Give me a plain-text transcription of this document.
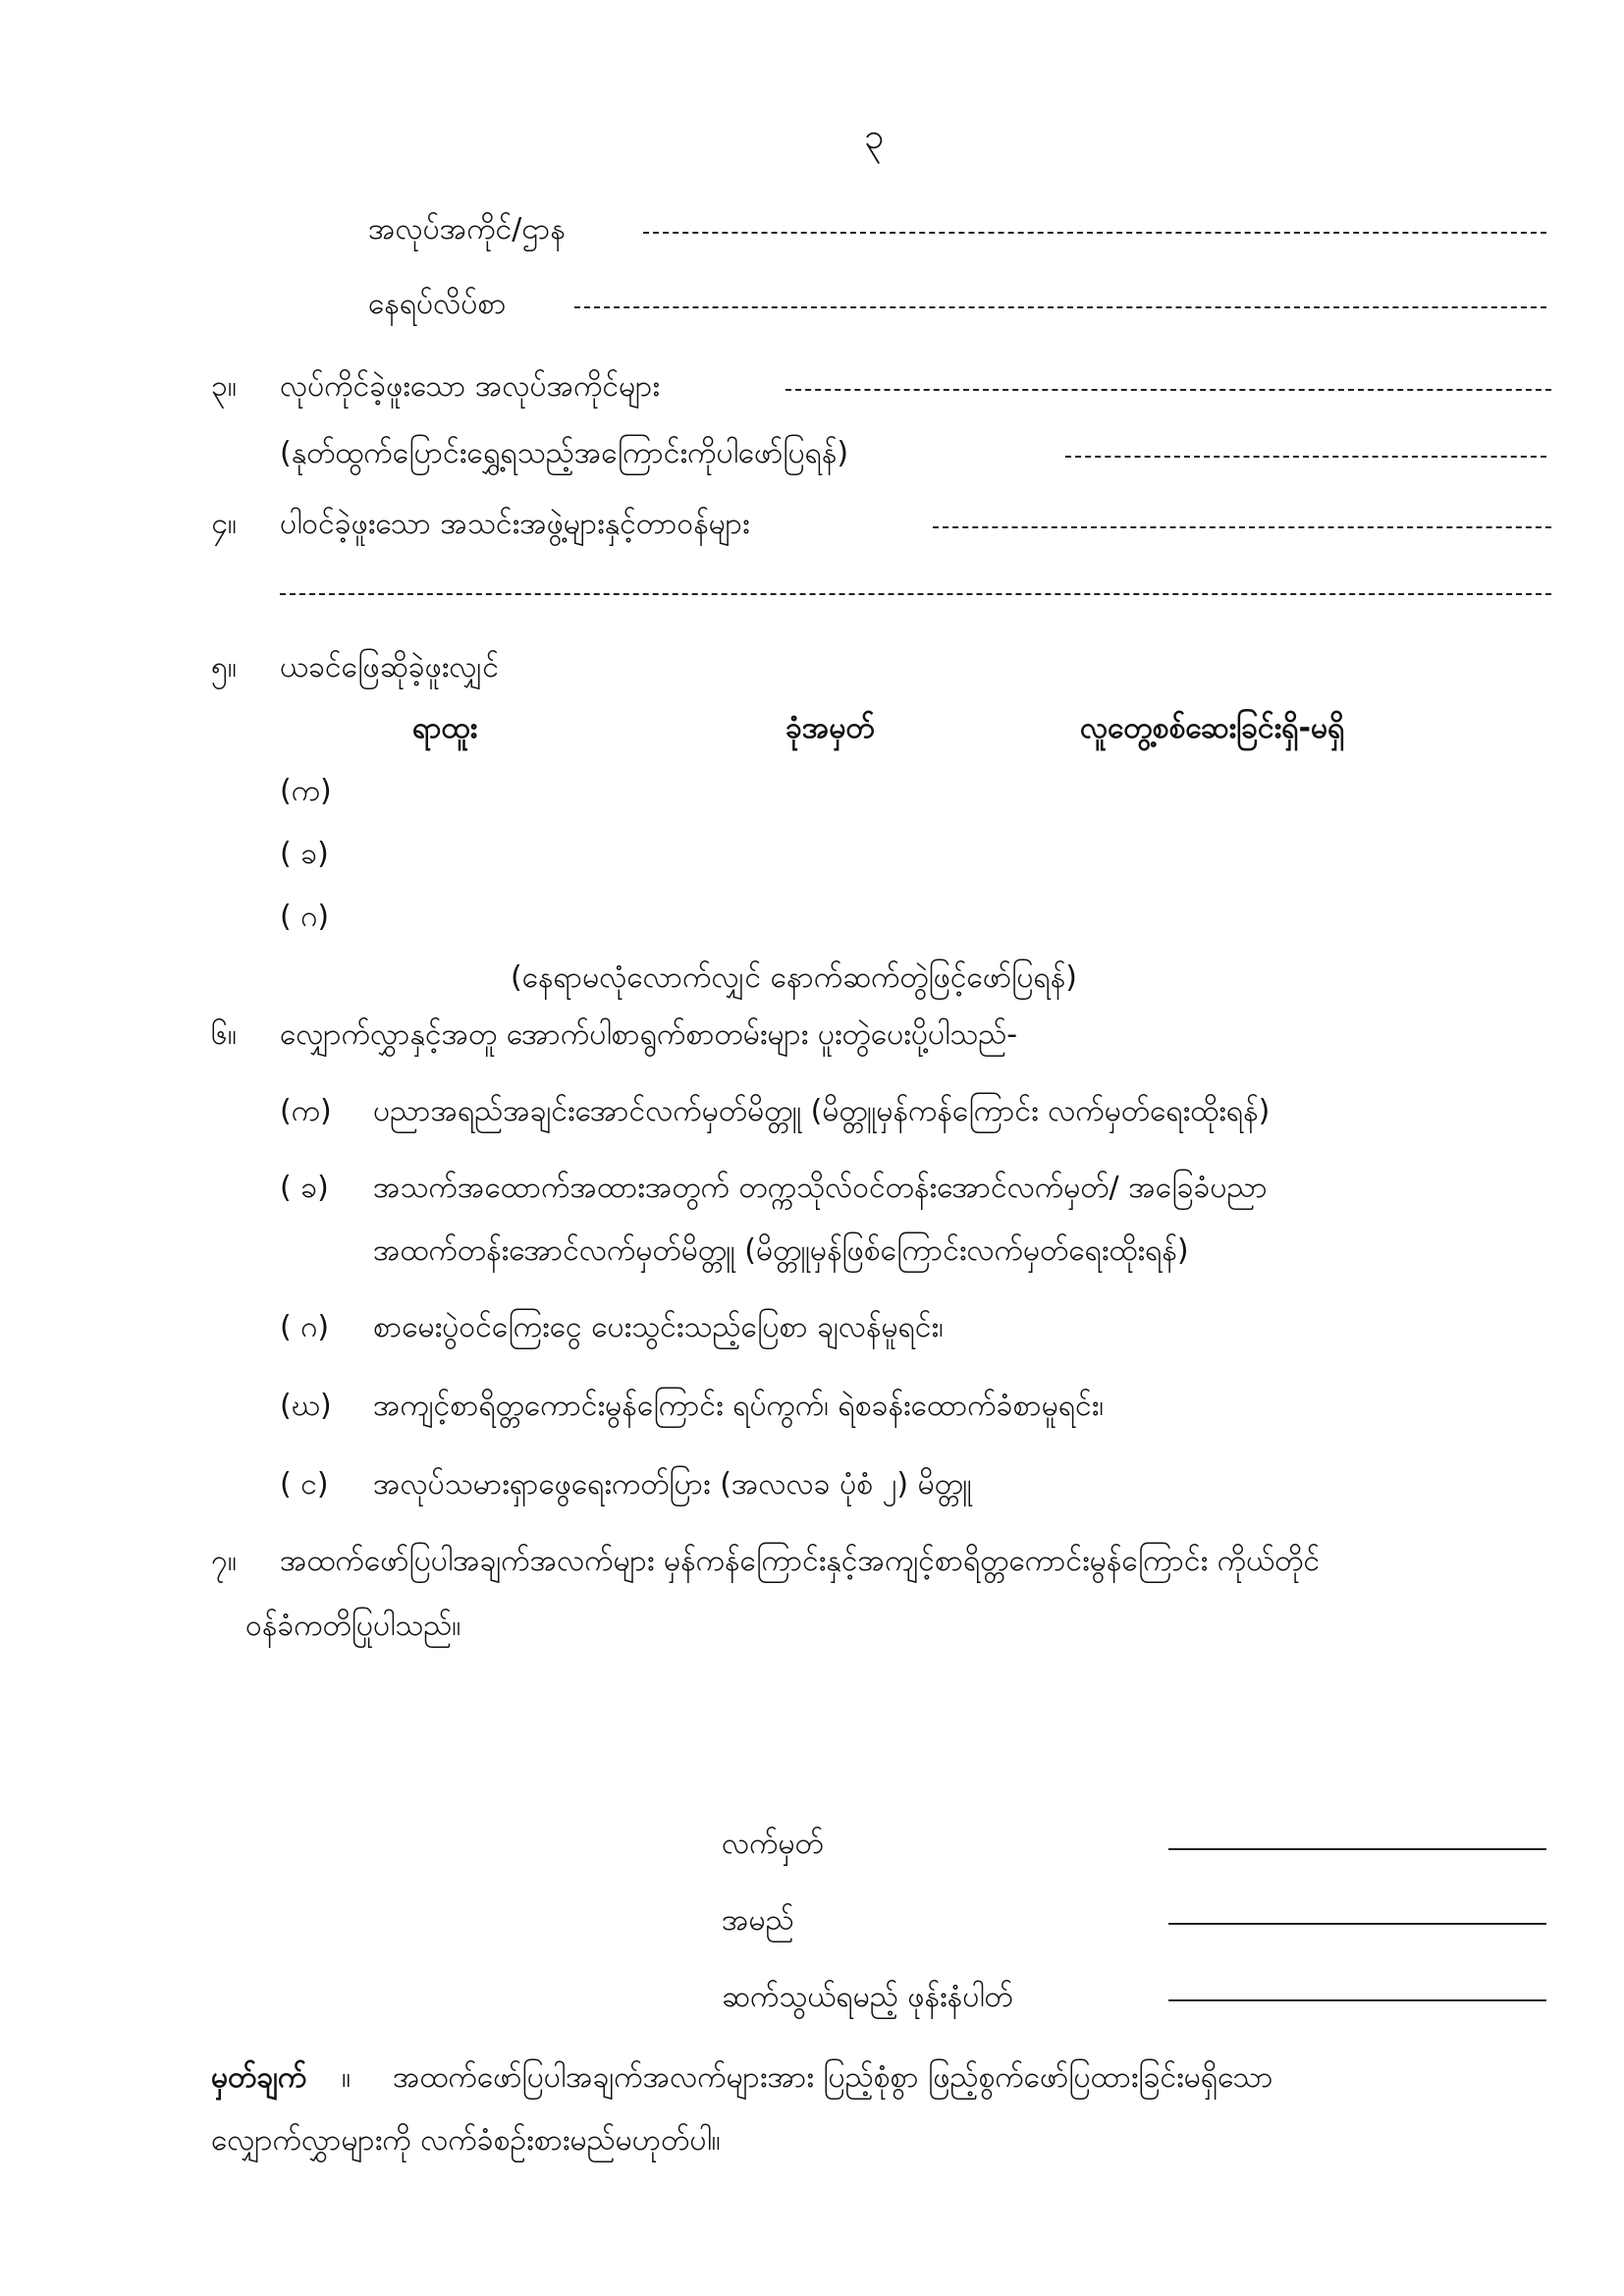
၃
အလုပ်အကိုင်/ဌာန
နေရပ်လိပ်စာ
၃။ လုပ်ကိုင်ခဲ့ဖူးသော အလုပ်အကိုင်များ
(နုတ်ထွက်ပြောင်းရွှေ့ရသည့်အကြောင်းကိုပါဖော်ပြရန်)
၄။ ပါဝင်ခဲ့ဖူးသော အသင်းအဖွဲ့များနှင့်တာဝန်များ
၅။ ယခင်ဖြေဆိုခဲ့ဖူးလျှင်
ရာထူး	ခုံအမှတ်	လူတွေ့စစ်ဆေးခြင်းရှိ-မရှိ
(က)
( ခ)
( ဂ)
(နေရာမလုံလောက်လျှင် နောက်ဆက်တွဲဖြင့်ဖော်ပြရန်)
၆။ လျှောက်လွှာနှင့်အတူ အောက်ပါစာရွက်စာတမ်းများ ပူးတွဲပေးပို့ပါသည်-
(က) ပညာအရည်အချင်းအောင်လက်မှတ်မိတ္တူ (မိတ္တူမှန်ကန်ကြောင်း လက်မှတ်ရေးထိုးရန်)
( ခ) အသက်အထောက်အထားအတွက် တက္ကသိုလ်ဝင်တန်းအောင်လက်မှတ်/ အခြေခံပညာ
အထက်တန်းအောင်လက်မှတ်မိတ္တူ (မိတ္တူမှန်ဖြစ်ကြောင်းလက်မှတ်ရေးထိုးရန်)
( ဂ) စာမေးပွဲဝင်ကြေးငွေ ပေးသွင်းသည့်ပြေစာ ချလန်မူရင်း၊
(ဃ) အကျင့်စာရိတ္တကောင်းမွန်ကြောင်း ရပ်ကွက်၊ ရဲစခန်းထောက်ခံစာမူရင်း၊
( င) အလုပ်သမားရှာဖွေရေးကတ်ပြား (အလလခ ပုံစံ ၂) မိတ္တူ
၇။ အထက်ဖော်ပြပါအချက်အလက်များ မှန်ကန်ကြောင်းနှင့်အကျင့်စာရိတ္တကောင်းမွန်ကြောင်း ကိုယ်တိုင်
ဝန်ခံကတိပြုပါသည်။
လက်မှတ်
အမည်
ဆက်သွယ်ရမည့် ဖုန်းနံပါတ်
မှတ်ချက် ။ အထက်ဖော်ပြပါအချက်အလက်များအား ပြည့်စုံစွာ ဖြည့်စွက်ဖော်ပြထားခြင်းမရှိသော
လျှောက်လွှာများကို လက်ခံစဉ်းစားမည်မဟုတ်ပါ။
